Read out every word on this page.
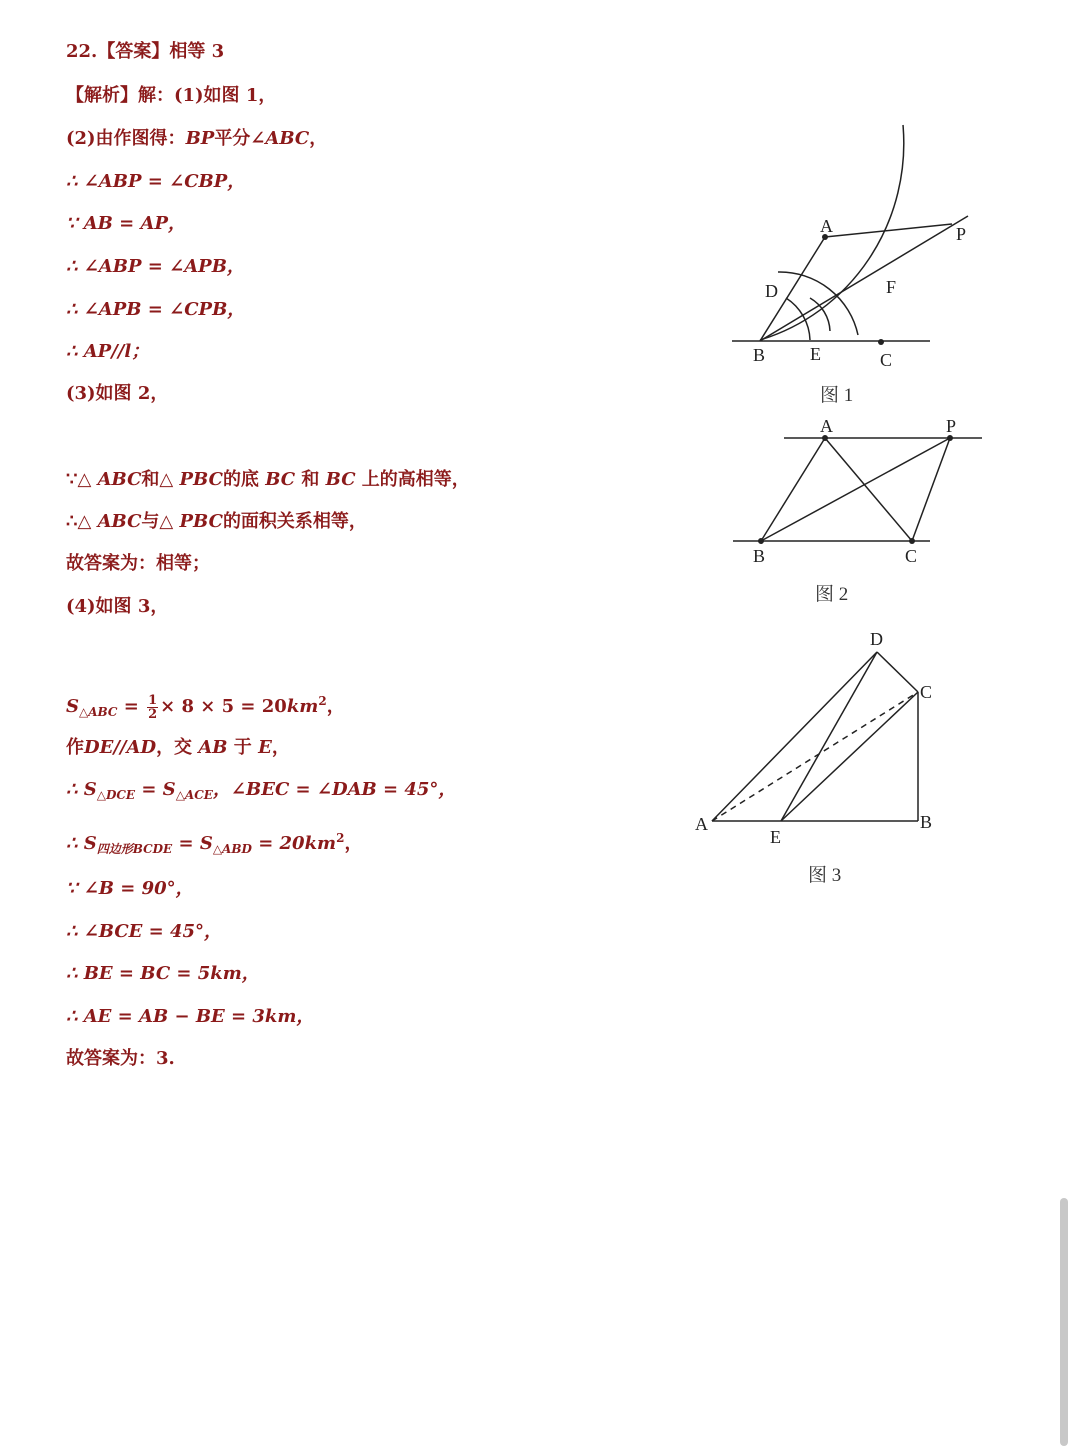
22.【答案】相等 3
【解析】解：(1)如图 1，
(2)由作图得：BP平分∠ABC，
∴ ∠ABP = ∠CBP，
∵ AB = AP，
∴ ∠ABP = ∠APB，
∴ ∠APB = ∠CPB，
∴ AP//l；
(3)如图 2，
∵△ ABC和△ PBC的底 BC 和 BC 上的高相等，
∴△ ABC与△ PBC的面积关系相等，
故答案为：相等；
(4)如图 3，
$S_{\triangle ABC} = \frac{1}{2} \times 8 \times 5 = 20km^2$，
作DE//AD，交 AB 于 E，
∴ $S_{\triangle DCE} = S_{\triangle ACE}$，∠BEC = ∠DAB = 45°，
∴ $S_{四边形BCDE} = S_{\triangle ABD} = 20km^2$，
∵ ∠B = 90°，
∴ ∠BCE = 45°，
∴ BE = BC = 5km，
∴ AE = AB − BE = 3km，
故答案为：3.
A	P
D	F
B E	C
图 1
A	P
B	C
图 2
D
C
A
E
B
图 3
